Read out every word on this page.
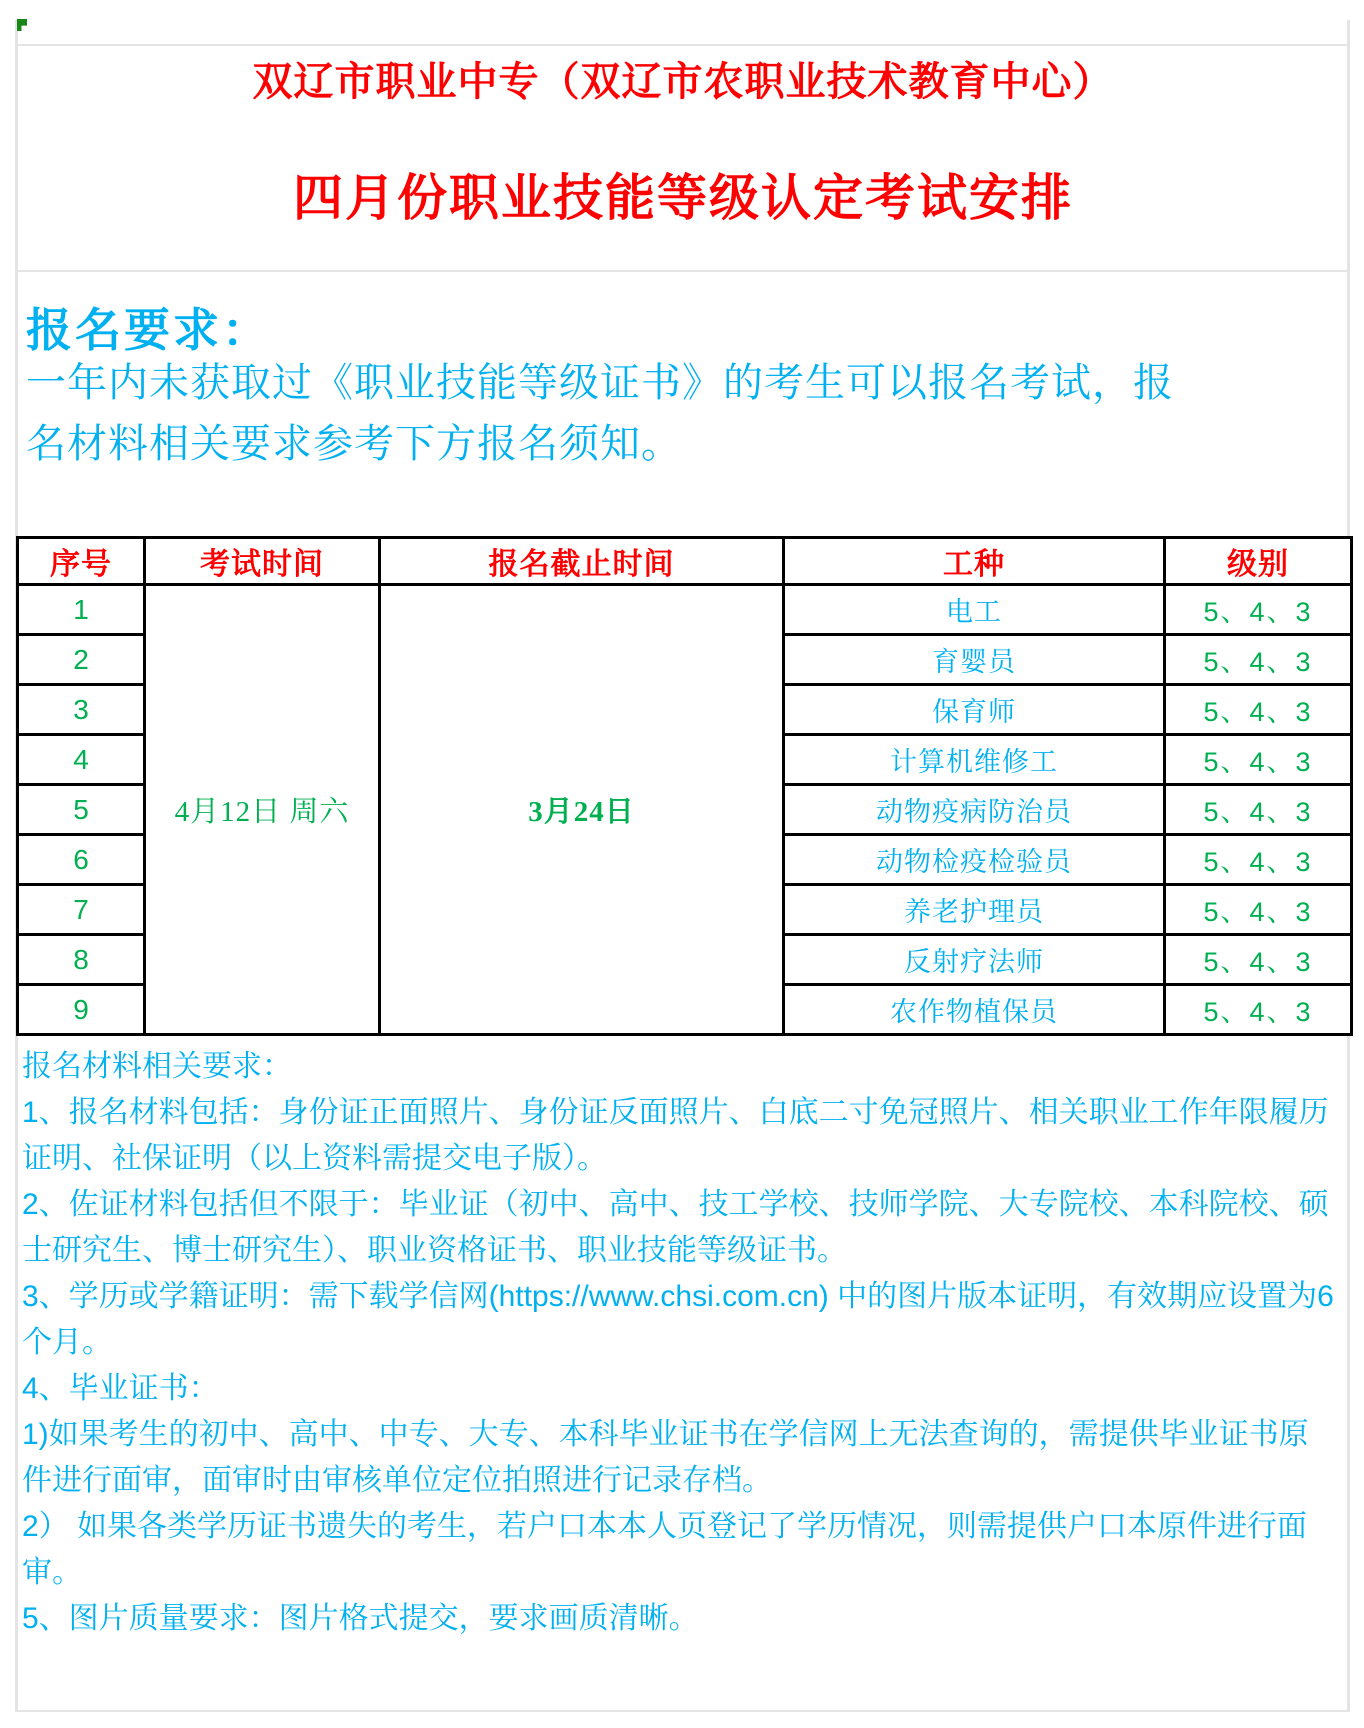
双辽市职业中专（双辽市农职业技术教育中心）
四月份职业技能等级认定考试安排
报名要求：
一年内未获取过《职业技能等级证书》的考生可以报名考试，报名材料相关要求参考下方报名须知。
序号	考试时间	报名截止时间	工种	级别
1	4月12日 周六	3月24日	电工	5、4、3
2			育婴员	5、4、3
3			保育师	5、4、3
4			计算机维修工	5、4、3
5			动物疫病防治员	5、4、3
6			动物检疫检验员	5、4、3
7			养老护理员	5、4、3
8			反射疗法师	5、4、3
9			农作物植保员	5、4、3

报名材料相关要求：

1、报名材料包括：身份证正面照片、身份证反面照片、白底二寸免冠照片、相关职业工作年限履历证明、社保证明（以上资料需提交电子版）。

2、佐证材料包括但不限于：毕业证（初中、高中、技工学校、技师学院、大专院校、本科院校、硕士研究生、博士研究生）、职业资格证书、职业技能等级证书。

3、学历或学籍证明：需下载学信网(https://www.chsi.com.cn) 中的图片版本证明，有效期应设置为6个月。

4、毕业证书：

1)如果考生的初中、高中、中专、大专、本科毕业证书在学信网上无法查询的，需提供毕业证书原件进行面审，面审时由审核单位定位拍照进行记录存档。

2） 如果各类学历证书遗失的考生，若户口本本人页登记了学历情况，则需提供户口本原件进行面审。

5、图片质量要求：图片格式提交，要求画质清晰。
